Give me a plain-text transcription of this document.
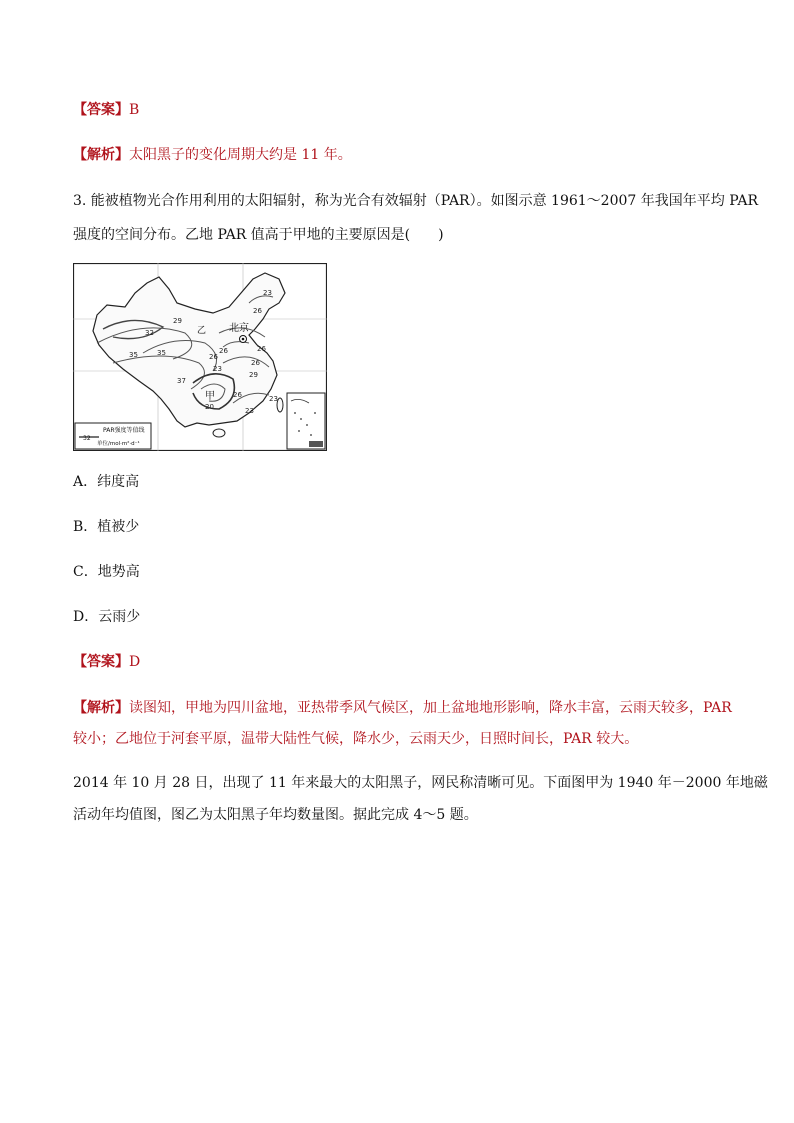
【答案】B
【解析】太阳黑子的变化周期大约是 11 年。
3. 能被植物光合作用利用的太阳辐射，称为光合有效辐射（PAR）。如图示意 1961～2007 年我国年平均 PAR
强度的空间分布。乙地 PAR 值高于甲地的主要原因是(　　)
北京
甲
乙
23
26
29
32
35	35	26
26
23
26
29
26	23
20	23
26
37
32
PAR强度等值线
单位/mol·m²·d⁻¹
A．纬度高
B．植被少
C．地势高
D．云雨少
【答案】D
【解析】读图知，甲地为四川盆地，亚热带季风气候区，加上盆地地形影响，降水丰富，云雨天较多，PAR
较小；乙地位于河套平原，温带大陆性气候，降水少，云雨天少，日照时间长，PAR 较大。
2014 年 10 月 28 日，出现了 11 年来最大的太阳黑子，网民称清晰可见。下面图甲为 1940 年－2000 年地磁
活动年均值图，图乙为太阳黑子年均数量图。据此完成 4～5 题。
